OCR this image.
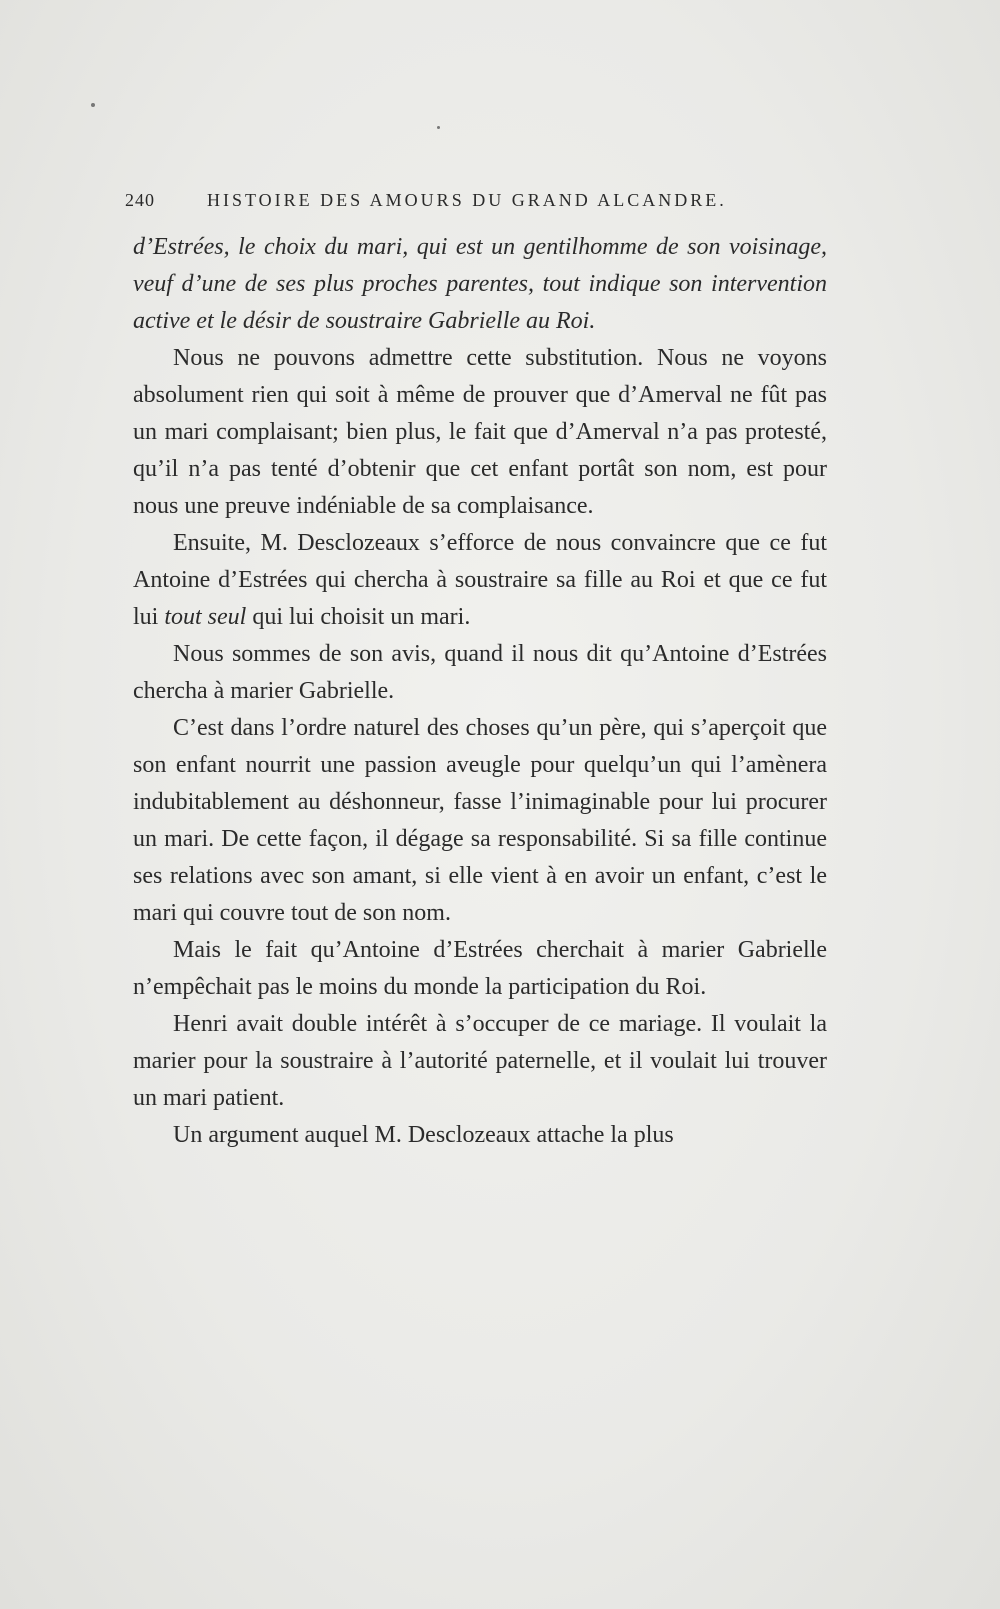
240	HISTOIRE DES AMOURS DU GRAND ALCANDRE.

d’Estrées, le choix du mari, qui est un gentilhomme de son voisinage, veuf d’une de ses plus proches parentes, tout indique son intervention active et le désir de soustraire Gabrielle au Roi.

Nous ne pouvons admettre cette substitution. Nous ne voyons absolument rien qui soit à même de prouver que d’Amerval ne fût pas un mari complaisant; bien plus, le fait que d’Amerval n’a pas protesté, qu’il n’a pas tenté d’obtenir que cet enfant portât son nom, est pour nous une preuve indéniable de sa complaisance.

Ensuite, M. Desclozeaux s’efforce de nous convaincre que ce fut Antoine d’Estrées qui chercha à soustraire sa fille au Roi et que ce fut lui tout seul qui lui choisit un mari.

Nous sommes de son avis, quand il nous dit qu’Antoine d’Estrées chercha à marier Gabrielle.

C’est dans l’ordre naturel des choses qu’un père, qui s’aperçoit que son enfant nourrit une passion aveugle pour quelqu’un qui l’amènera indubitablement au déshonneur, fasse l’inimaginable pour lui procurer un mari. De cette façon, il dégage sa responsabilité. Si sa fille continue ses relations avec son amant, si elle vient à en avoir un enfant, c’est le mari qui couvre tout de son nom.

Mais le fait qu’Antoine d’Estrées cherchait à marier Gabrielle n’empêchait pas le moins du monde la participation du Roi.

Henri avait double intérêt à s’occuper de ce mariage. Il voulait la marier pour la soustraire à l’autorité paternelle, et il voulait lui trouver un mari patient.

Un argument auquel M. Desclozeaux attache la plus
